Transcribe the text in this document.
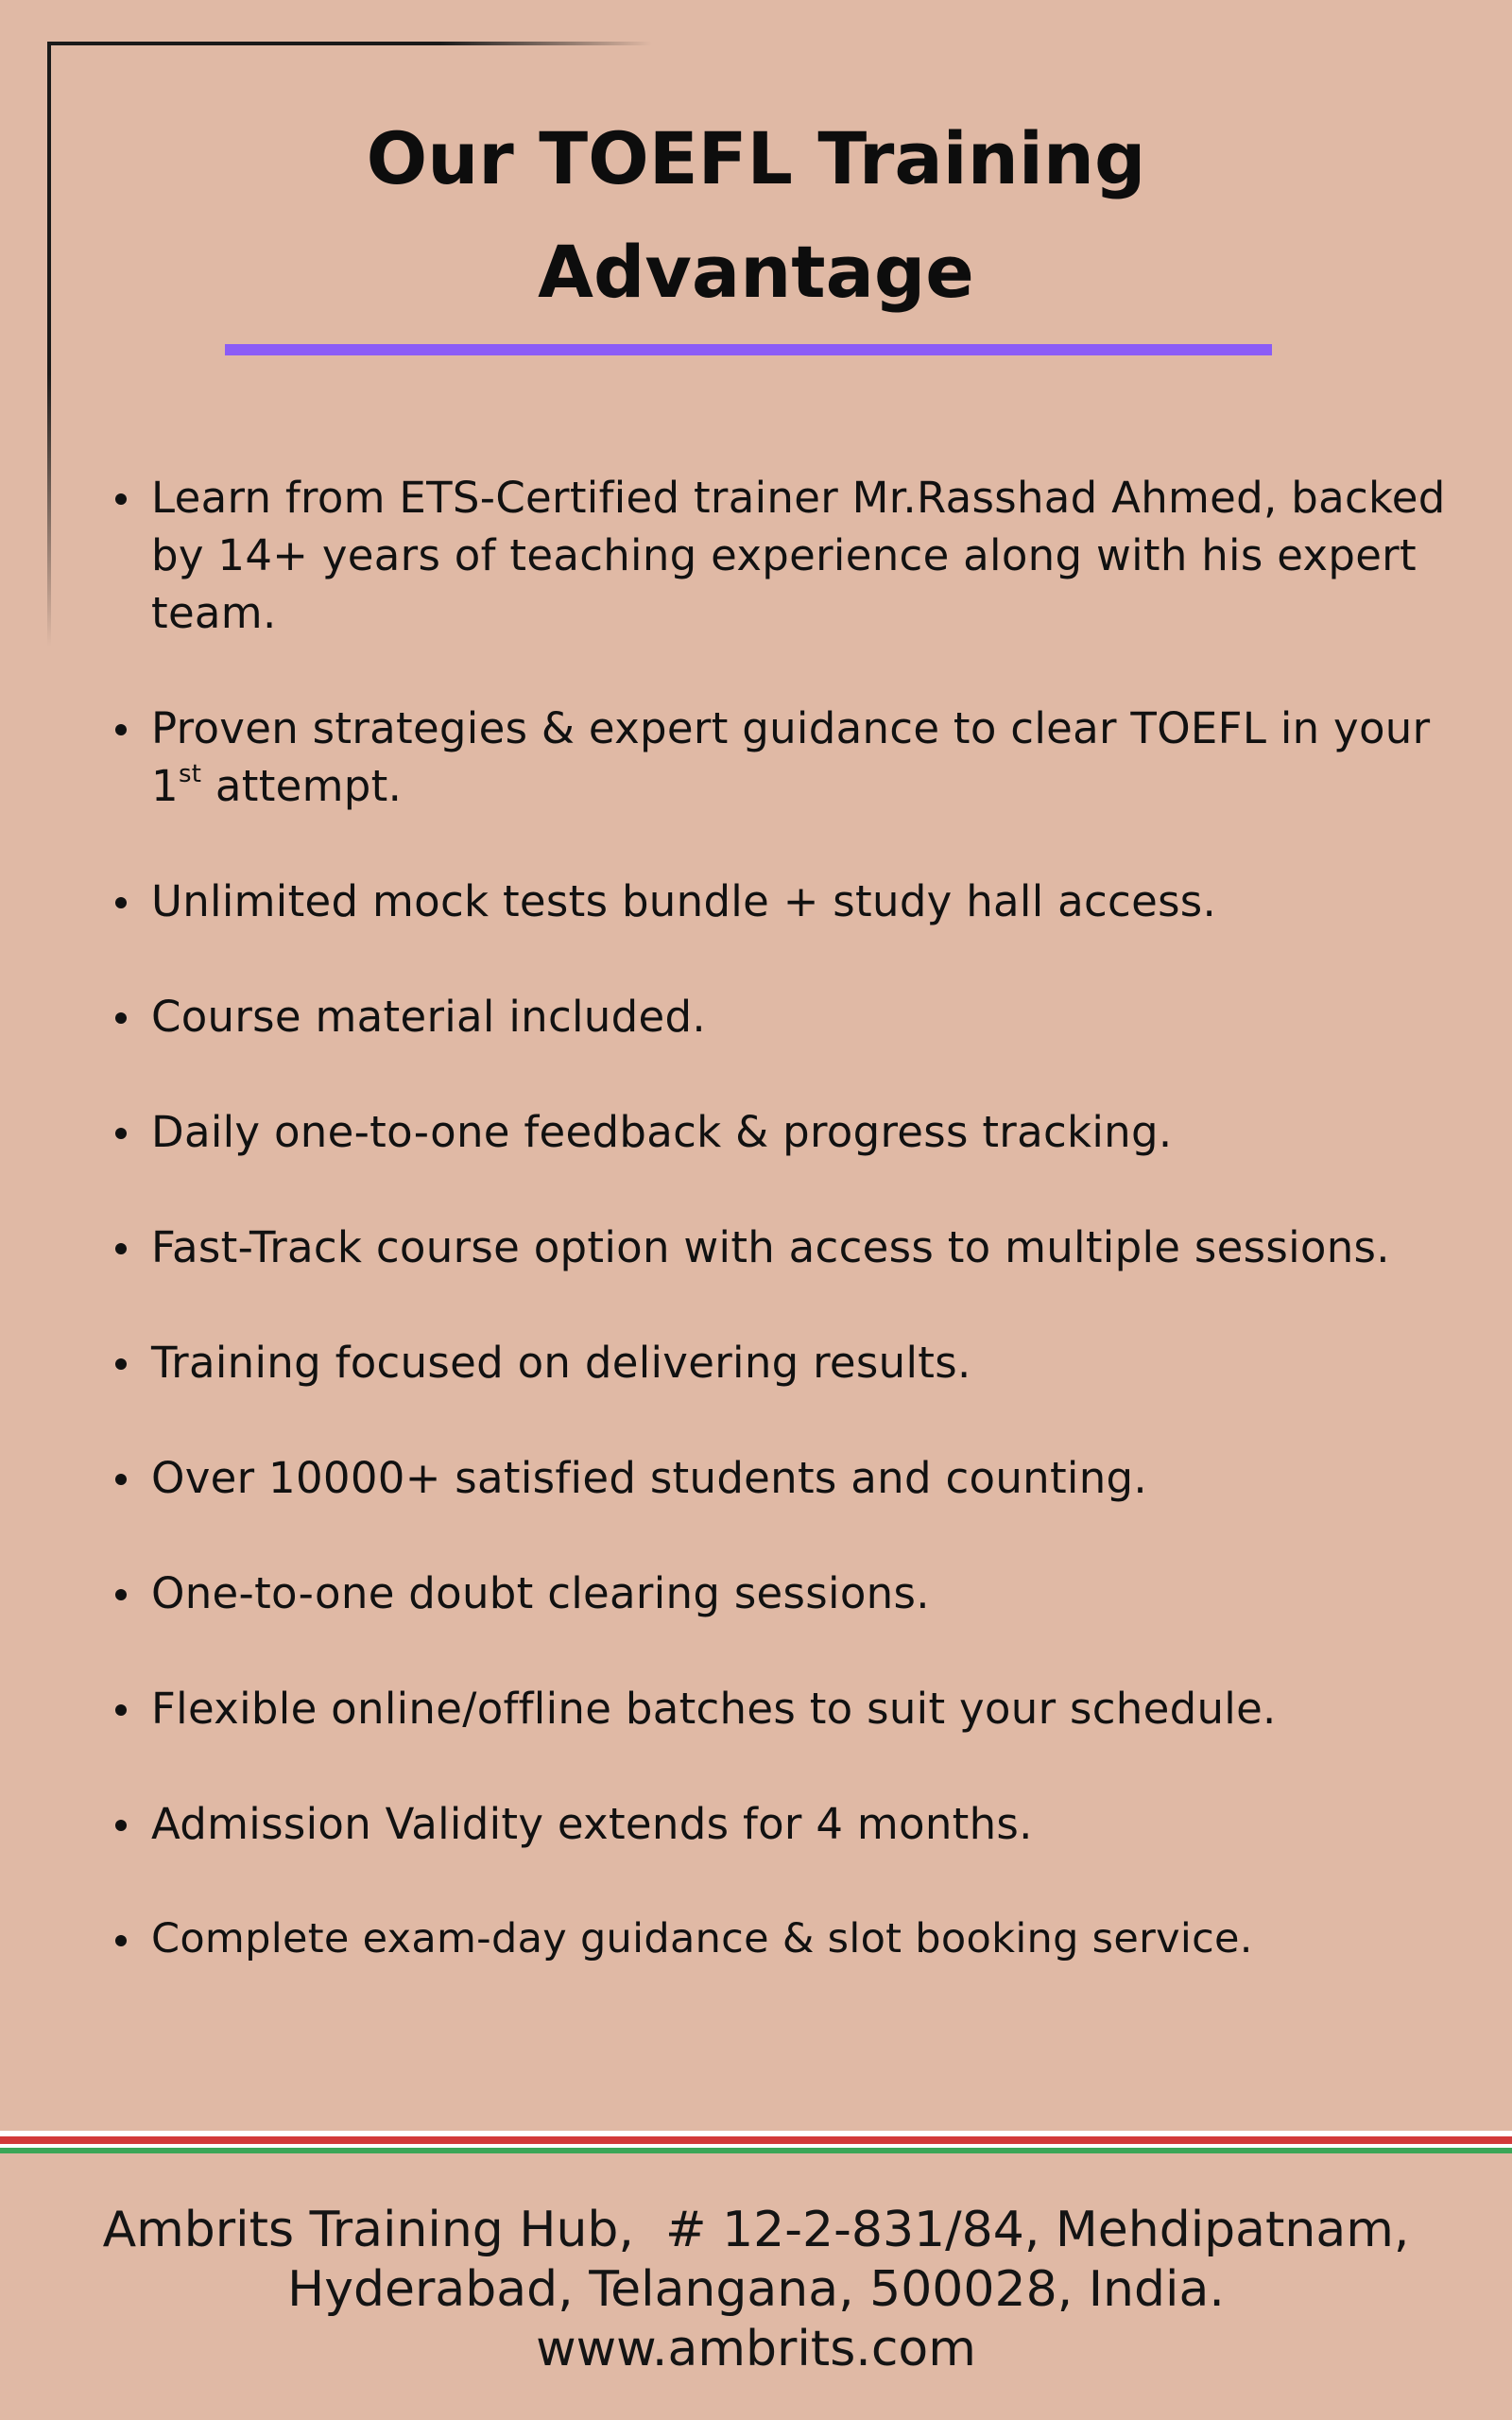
Our TOEFL Training
Advantage
Learn from ETS-Certified trainer Mr.Rasshad Ahmed, backed by 14+ years of teaching experience along with his expert team.
Proven strategies & expert guidance to clear TOEFL in your 1st attempt.
Unlimited mock tests bundle + study hall access.
Course material included.
Daily one-to-one feedback & progress tracking.
Fast-Track course option with access to multiple sessions.
Training focused on delivering results.
Over 10000+ satisfied students and counting.
One-to-one doubt clearing sessions.
Flexible online/offline batches to suit your schedule.
Admission Validity extends for 4 months.
Complete exam-day guidance & slot booking service.
Ambrits Training Hub,  # 12-2-831/84, Mehdipatnam,
Hyderabad, Telangana, 500028, India.
www.ambrits.com
